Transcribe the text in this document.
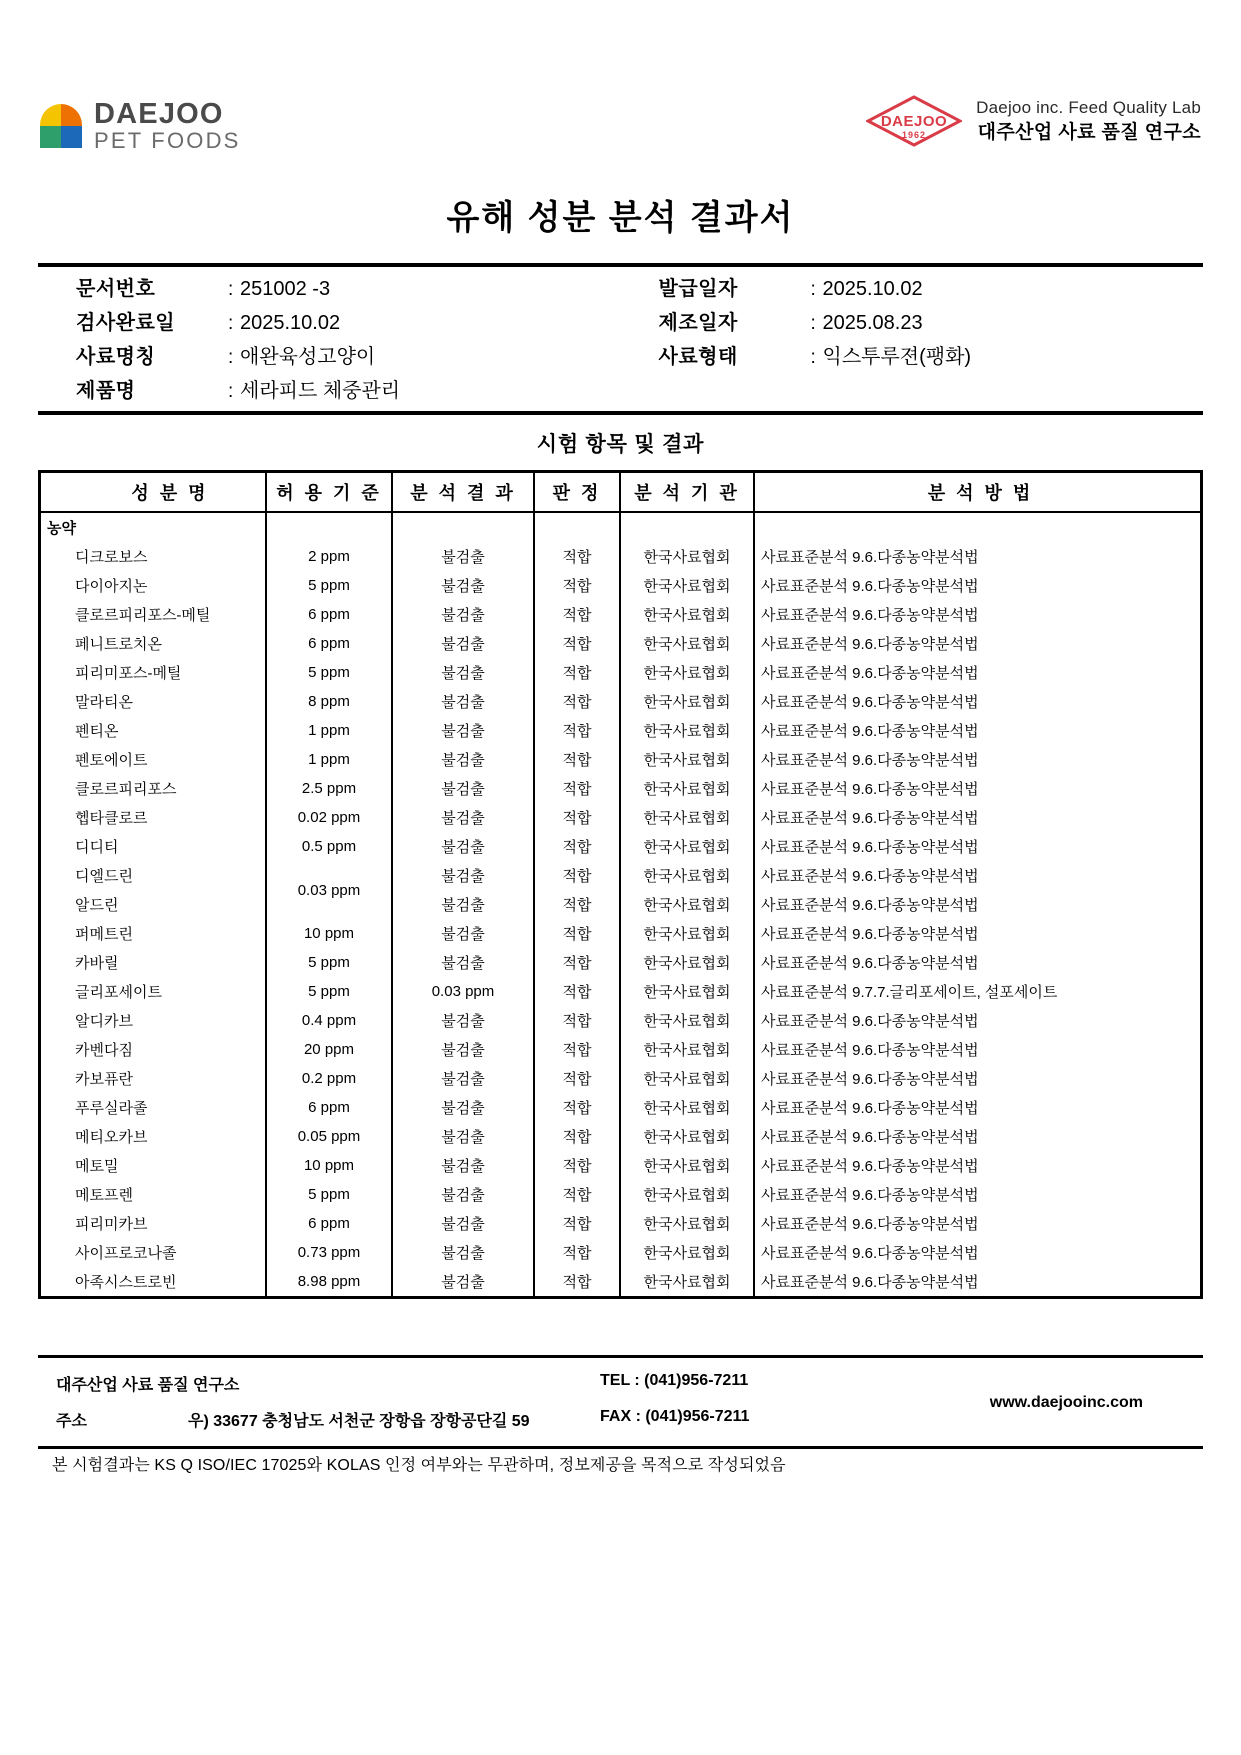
DAEJOO
PET FOODS
DAEJOO
1962
Daejoo inc. Feed Quality Lab
대주산업 사료 품질 연구소
유해 성분 분석 결과서
문서번호	: 251002 -3
검사완료일	: 2025.10.02
사료명칭	: 애완육성고양이
제품명	: 세라피드 체중관리
발급일자	: 2025.10.02
제조일자	: 2025.08.23
사료형태	: 익스투루젼(팽화)
시험 항목 및 결과
성 분 명	허 용 기 준	분 석 결 과	판 정	분 석 기 관	분 석 방 법
농약					
디크로보스	2 ppm	불검출	적합	한국사료협회	사료표준분석 9.6.다종농약분석법
다이아지논	5 ppm	불검출	적합	한국사료협회	사료표준분석 9.6.다종농약분석법
클로르피리포스-메틸	6 ppm	불검출	적합	한국사료협회	사료표준분석 9.6.다종농약분석법
페니트로치온	6 ppm	불검출	적합	한국사료협회	사료표준분석 9.6.다종농약분석법
피리미포스-메틸	5 ppm	불검출	적합	한국사료협회	사료표준분석 9.6.다종농약분석법
말라티온	8 ppm	불검출	적합	한국사료협회	사료표준분석 9.6.다종농약분석법
펜티온	1 ppm	불검출	적합	한국사료협회	사료표준분석 9.6.다종농약분석법
펜토에이트	1 ppm	불검출	적합	한국사료협회	사료표준분석 9.6.다종농약분석법
클로르피리포스	2.5 ppm	불검출	적합	한국사료협회	사료표준분석 9.6.다종농약분석법
헵타클로르	0.02 ppm	불검출	적합	한국사료협회	사료표준분석 9.6.다종농약분석법
디디티	0.5 ppm	불검출	적합	한국사료협회	사료표준분석 9.6.다종농약분석법
디엘드린	0.03 ppm	불검출	적합	한국사료협회	사료표준분석 9.6.다종농약분석법
알드린		불검출	적합	한국사료협회	사료표준분석 9.6.다종농약분석법
퍼메트린	10 ppm	불검출	적합	한국사료협회	사료표준분석 9.6.다종농약분석법
카바릴	5 ppm	불검출	적합	한국사료협회	사료표준분석 9.6.다종농약분석법
글리포세이트	5 ppm	0.03 ppm	적합	한국사료협회	사료표준분석 9.7.7.글리포세이트, 설포세이트
알디카브	0.4 ppm	불검출	적합	한국사료협회	사료표준분석 9.6.다종농약분석법
카벤다짐	20 ppm	불검출	적합	한국사료협회	사료표준분석 9.6.다종농약분석법
카보퓨란	0.2 ppm	불검출	적합	한국사료협회	사료표준분석 9.6.다종농약분석법
푸루실라졸	6 ppm	불검출	적합	한국사료협회	사료표준분석 9.6.다종농약분석법
메티오카브	0.05 ppm	불검출	적합	한국사료협회	사료표준분석 9.6.다종농약분석법
메토밀	10 ppm	불검출	적합	한국사료협회	사료표준분석 9.6.다종농약분석법
메토프렌	5 ppm	불검출	적합	한국사료협회	사료표준분석 9.6.다종농약분석법
피리미카브	6 ppm	불검출	적합	한국사료협회	사료표준분석 9.6.다종농약분석법
사이프로코나졸	0.73 ppm	불검출	적합	한국사료협회	사료표준분석 9.6.다종농약분석법
아족시스트로빈	8.98 ppm	불검출	적합	한국사료협회	사료표준분석 9.6.다종농약분석법
대주산업 사료 품질 연구소
주소	우) 33677 충청남도 서천군 장항읍 장항공단길 59
TEL : (041)956-7211
FAX : (041)956-7211
www.daejooinc.com
본 시험결과는 KS Q ISO/IEC 17025와 KOLAS 인정 여부와는 무관하며, 정보제공을 목적으로 작성되었음
